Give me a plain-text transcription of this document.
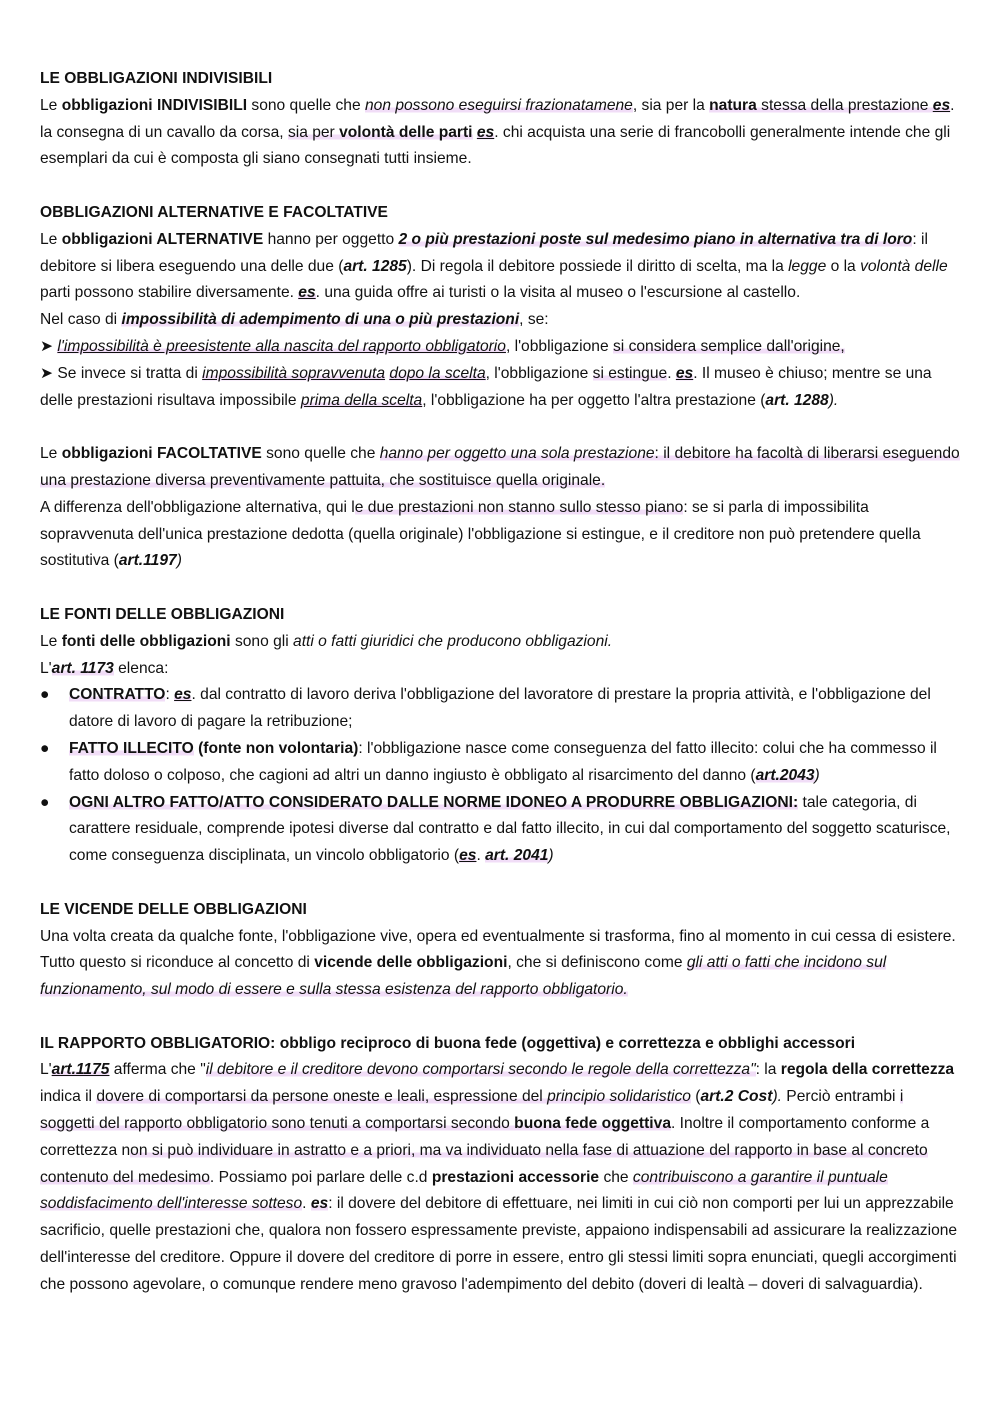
LE OBBLIGAZIONI INDIVISIBILI

Le obbligazioni INDIVISIBILI sono quelle che non possono eseguirsi frazionatamene, sia per la natura stessa della prestazione es. la consegna di un cavallo da corsa, sia per volontà delle parti es. chi acquista una serie di francobolli generalmente intende che gli esemplari da cui è composta gli siano consegnati tutti insieme.

OBBLIGAZIONI ALTERNATIVE E FACOLTATIVE

Le obbligazioni ALTERNATIVE hanno per oggetto 2 o più prestazioni poste sul medesimo piano in alternativa tra di loro: il debitore si libera eseguendo una delle due (art. 1285). Di regola il debitore possiede il diritto di scelta, ma la legge o la volontà delle parti possono stabilire diversamente. es. una guida offre ai turisti o la visita al museo o l'escursione al castello.

Nel caso di impossibilità di adempimento di una o più prestazioni, se:

➤ l'impossibilità è preesistente alla nascita del rapporto obbligatorio, l'obbligazione si considera semplice dall'origine,

➤ Se invece si tratta di impossibilità sopravvenuta dopo la scelta, l'obbligazione si estingue. es. Il museo è chiuso; mentre se una delle prestazioni risultava impossibile prima della scelta, l'obbligazione ha per oggetto l'altra prestazione (art. 1288).

Le obbligazioni FACOLTATIVE sono quelle che hanno per oggetto una sola prestazione: il debitore ha facoltà di liberarsi eseguendo una prestazione diversa preventivamente pattuita, che sostituisce quella originale.

A differenza dell'obbligazione alternativa, qui le due prestazioni non stanno sullo stesso piano: se si parla di impossibilita sopravvenuta dell'unica prestazione dedotta (quella originale) l'obbligazione si estingue, e il creditore non può pretendere quella sostitutiva (art.1197)

LE FONTI DELLE OBBLIGAZIONI

Le fonti delle obbligazioni sono gli atti o fatti giuridici che producono obbligazioni.

L'art. 1173 elenca:

● CONTRATTO: es. dal contratto di lavoro deriva l'obbligazione del lavoratore di prestare la propria attività, e l'obbligazione del datore di lavoro di pagare la retribuzione;
● FATTO ILLECITO (fonte non volontaria): l'obbligazione nasce come conseguenza del fatto illecito: colui che ha commesso il fatto doloso o colposo, che cagioni ad altri un danno ingiusto è obbligato al risarcimento del danno (art.2043)
● OGNI ALTRO FATTO/ATTO CONSIDERATO DALLE NORME IDONEO A PRODURRE OBBLIGAZIONI: tale categoria, di carattere residuale, comprende ipotesi diverse dal contratto e dal fatto illecito, in cui dal comportamento del soggetto scaturisce, come conseguenza disciplinata, un vincolo obbligatorio (es. art. 2041)
LE VICENDE DELLE OBBLIGAZIONI

Una volta creata da qualche fonte, l'obbligazione vive, opera ed eventualmente si trasforma, fino al momento in cui cessa di esistere. Tutto questo si riconduce al concetto di vicende delle obbligazioni, che si definiscono come gli atti o fatti che incidono sul funzionamento, sul modo di essere e sulla stessa esistenza del rapporto obbligatorio.

IL RAPPORTO OBBLIGATORIO: obbligo reciproco di buona fede (oggettiva) e correttezza e obblighi accessori

L'art.1175 afferma che "il debitore e il creditore devono comportarsi secondo le regole della correttezza": la regola della correttezza indica il dovere di comportarsi da persone oneste e leali, espressione del principio solidaristico (art.2 Cost). Perciò entrambi i soggetti del rapporto obbligatorio sono tenuti a comportarsi secondo buona fede oggettiva. Inoltre il comportamento conforme a correttezza non si può individuare in astratto e a priori, ma va individuato nella fase di attuazione del rapporto in base al concreto contenuto del medesimo. Possiamo poi parlare delle c.d prestazioni accessorie che contribuiscono a garantire il puntuale soddisfacimento dell'interesse sotteso. es: il dovere del debitore di effettuare, nei limiti in cui ciò non comporti per lui un apprezzabile sacrificio, quelle prestazioni che, qualora non fossero espressamente previste, appaiono indispensabili ad assicurare la realizzazione dell'interesse del creditore. Oppure il dovere del creditore di porre in essere, entro gli stessi limiti sopra enunciati, quegli accorgimenti che possono agevolare, o comunque rendere meno gravoso l'adempimento del debito (doveri di lealtà – doveri di salvaguardia).
